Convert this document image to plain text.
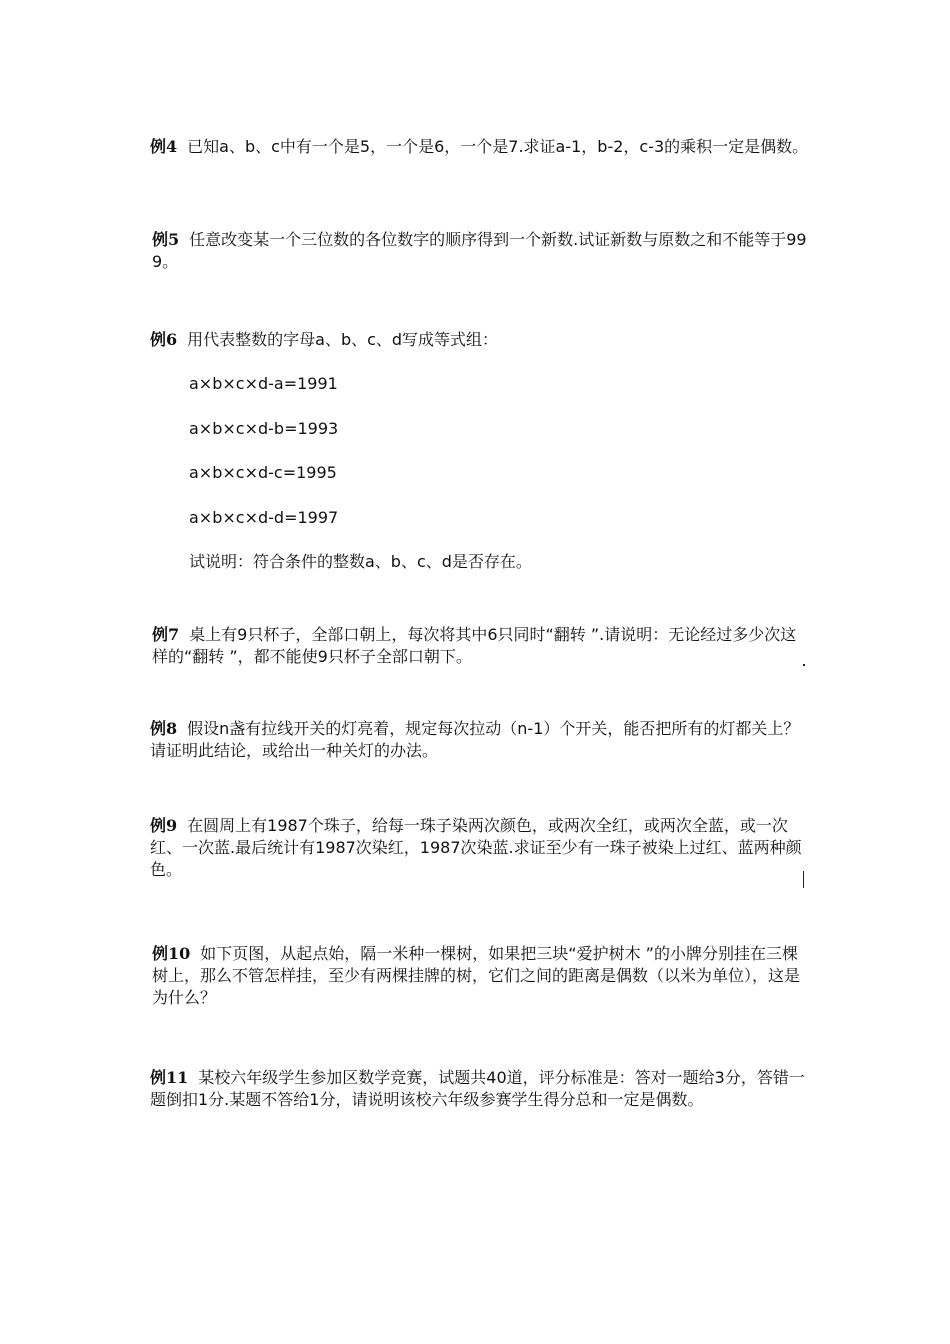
例4 已知a、b、c中有一个是5，一个是6，一个是7.求证a-1，b-2，c-3的乘积一定是偶数。
例5 任意改变某一个三位数的各位数字的顺序得到一个新数.试证新数与原数之和不能等于999。
例6 用代表整数的字母a、b、c、d写成等式组：
a×b×c×d-a=1991
a×b×c×d-b=1993
a×b×c×d-c=1995
a×b×c×d-d=1997
试说明：符合条件的整数a、b、c、d是否存在。
例7 桌上有9只杯子，全部口朝上，每次将其中6只同时“翻转 ”.请说明：无论经过多少次这样的“翻转 ”，都不能使9只杯子全部口朝下。
例8 假设n盏有拉线开关的灯亮着，规定每次拉动（n-1）个开关，能否把所有的灯都关上？请证明此结论，或给出一种关灯的办法。
例9 在圆周上有1987个珠子，给每一珠子染两次颜色，或两次全红，或两次全蓝，或一次红、一次蓝.最后统计有1987次染红，1987次染蓝.求证至少有一珠子被染上过红、蓝两种颜色。
例10 如下页图，从起点始，隔一米种一棵树，如果把三块“爱护树木 ”的小牌分别挂在三棵树上，那么不管怎样挂，至少有两棵挂牌的树，它们之间的距离是偶数（以米为单位），这是为什么？
例11 某校六年级学生参加区数学竞赛，试题共40道，评分标准是：答对一题给3分，答错一题倒扣1分.某题不答给1分，请说明该校六年级参赛学生得分总和一定是偶数。
